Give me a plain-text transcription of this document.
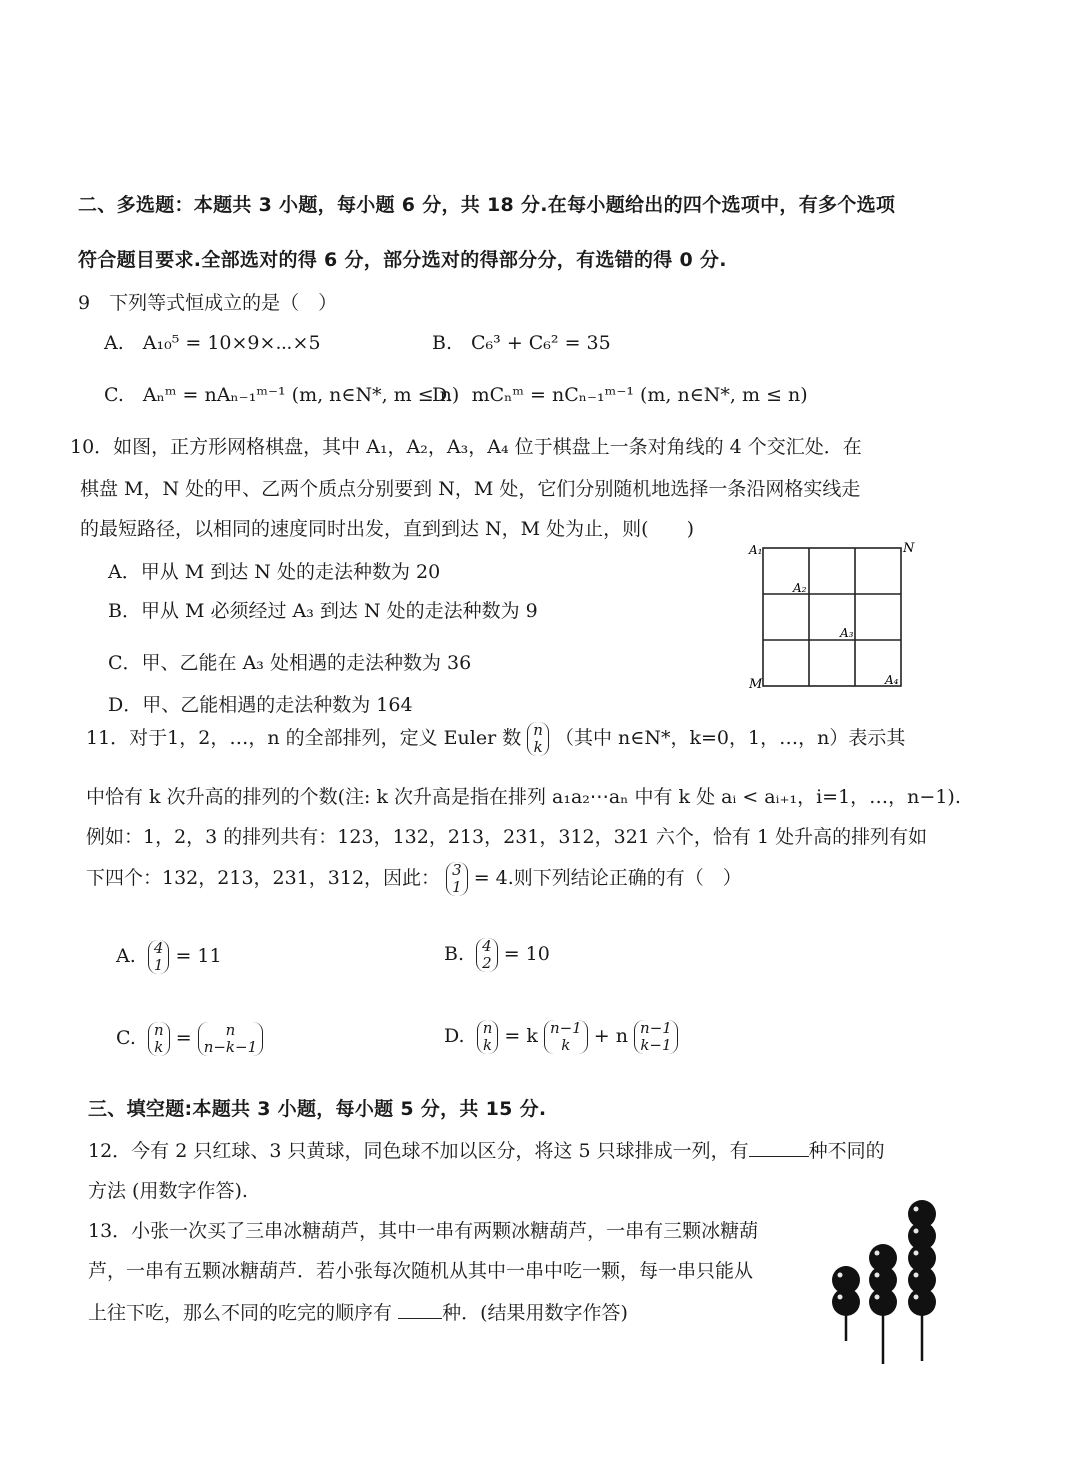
二、多选题：本题共 3 小题，每小题 6 分，共 18 分.在每小题给出的四个选项中，有多个选项
符合题目要求.全部选对的得 6 分，部分选对的得部分分，有选错的得 0 分.
9　下列等式恒成立的是（　）
A.　A₁₀⁵ = 10×9×⋯×5	B.　C₆³ + C₆² = 35
C.　Aₙᵐ = nAₙ₋₁ᵐ⁻¹ (m, n∈N*, m ≤ n)　.
D.　mCₙᵐ = nCₙ₋₁ᵐ⁻¹ (m, n∈N*, m ≤ n)
10．如图，正方形网格棋盘，其中 A₁，A₂，A₃，A₄ 位于棋盘上一条对角线的 4 个交汇处．在
棋盘 M，N 处的甲、乙两个质点分别要到 N，M 处，它们分别随机地选择一条沿网格实线走
的最短路径，以相同的速度同时出发，直到到达 N，M 处为止，则(　　)
A．甲从 M 到达 N 处的走法种数为 20
B．甲从 M 必须经过 A₃ 到达 N 处的走法种数为 9
C．甲、乙能在 A₃ 处相遇的走法种数为 36
D．甲、乙能相遇的走法种数为 164
A₁
A₂
A₃
A₄
M
N
11．对于1，2，…，n 的全部排列，定义 Euler 数 n
k （其中 n∈N*，k=0，1，…，n）表示其
中恰有 k 次升高的排列的个数(注: k 次升高是指在排列 a₁a₂⋯aₙ 中有 k 处 aᵢ < aᵢ₊₁，i=1，…，n−1).
例如：1，2，3 的排列共有：123，132，213，231，312，321 六个，恰有 1 处升高的排列有如
下四个：132，213，231，312，因此： 3
1 = 4.则下列结论正确的有（　）
A. 4
1 = 11	B. 4
2 = 10
C. n
k =	n
n−k−1	D. n
k = k n−1
k	+ n n−1
k−1
三、填空题:本题共 3 小题，每小题 5 分，共 15 分.
12．今有 2 只红球、3 只黄球，同色球不加以区分，将这 5 只球排成一列，有	种不同的
方法 (用数字作答).
13．小张一次买了三串冰糖葫芦，其中一串有两颗冰糖葫芦，一串有三颗冰糖葫
芦，一串有五颗冰糖葫芦．若小张每次随机从其中一串中吃一颗，每一串只能从
上往下吃，那么不同的吃完的顺序有	种．(结果用数字作答)
